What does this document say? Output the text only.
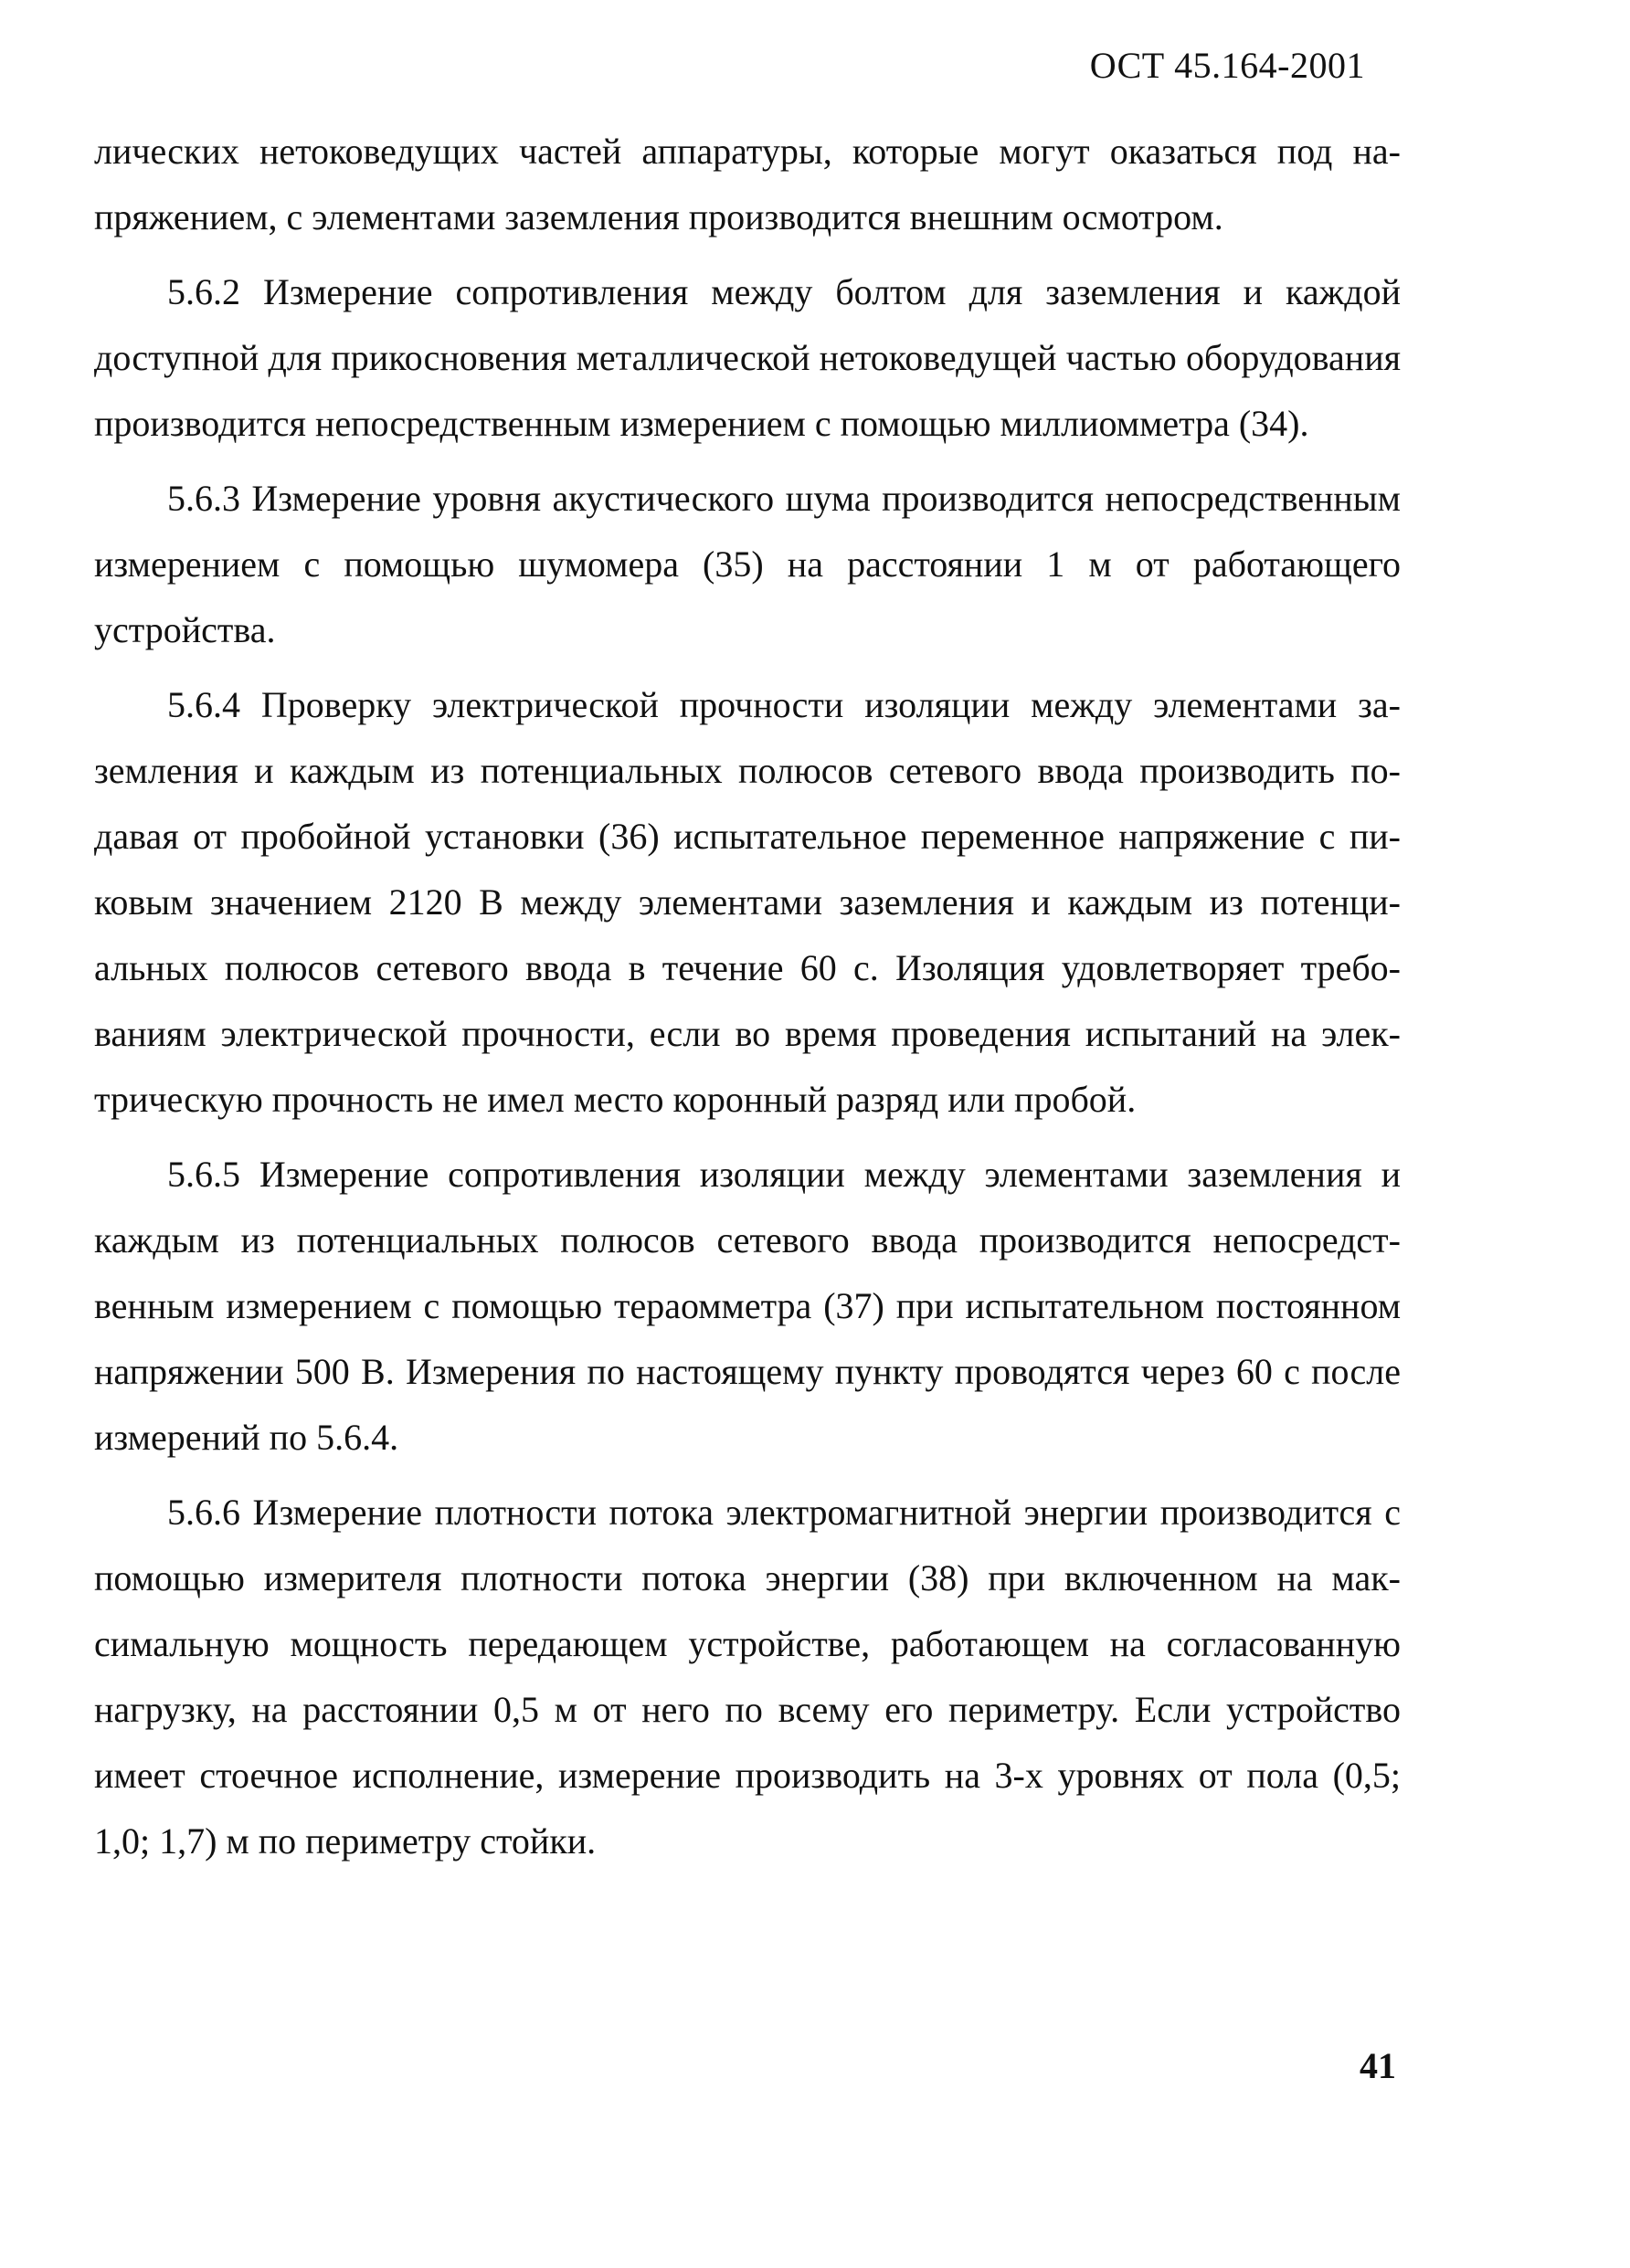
ОСТ 45.164-2001

лических нетоковедущих частей аппаратуры, которые могут оказаться под напряжением, с элементами заземления производится внешним осмотром.

5.6.2 Измерение сопротивления между болтом для заземления и каждой доступной для прикосновения металлической нетоковедущей частью оборудования производится непосредственным измерением с помощью миллиомметра (34).

5.6.3 Измерение уровня акустического шума производится непосредственным измерением с помощью шумомера (35) на расстоянии 1 м от работающего устройства.

5.6.4 Проверку электрической прочности изоляции между элементами заземления и каждым из потенциальных полюсов сетевого ввода производить подавая от пробойной установки (36) испытательное переменное напряжение с пиковым значением 2120 В между элементами заземления и каждым из потенциальных полюсов сетевого ввода в течение 60 с. Изоляция удовлетворяет требованиям электрической прочности, если во время проведения испытаний на электрическую прочность не имел место коронный разряд или пробой.

5.6.5 Измерение сопротивления изоляции между элементами заземления и каждым из потенциальных полюсов сетевого ввода производится непосредственным измерением с помощью тераомметра (37) при испытательном постоянном напряжении 500 В. Измерения по настоящему пункту проводятся через 60 с после измерений по 5.6.4.

5.6.6 Измерение плотности потока электромагнитной энергии производится с помощью измерителя плотности потока энергии (38) при включенном на максимальную мощность передающем устройстве, работающем на согласованную нагрузку, на расстоянии 0,5 м от него по всему его периметру. Если устройство имеет стоечное исполнение, измерение производить на 3-х уровнях от пола (0,5; 1,0; 1,7) м по периметру стойки.

41
